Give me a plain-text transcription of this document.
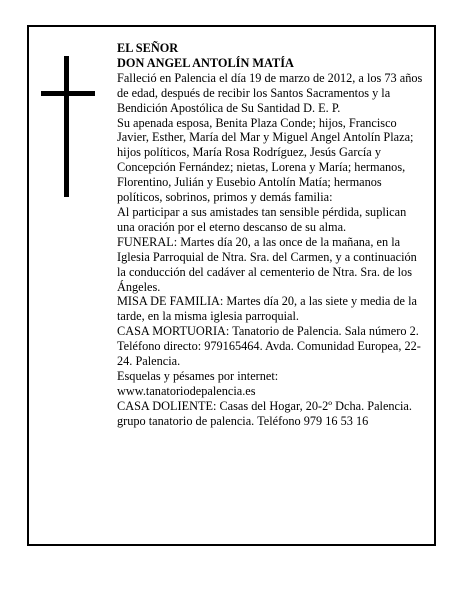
EL SEÑOR

DON ANGEL ANTOLÍN MATÍA

Falleció en Palencia el día 19 de marzo de 2012, a los 73 años de edad, después de recibir los Santos Sacramentos y la Bendición Apostólica de Su Santidad D. E. P.

Su apenada esposa, Benita Plaza Conde; hijos, Francisco Javier, Esther, María del Mar y Miguel Angel Antolín Plaza; hijos políticos, María Rosa Rodríguez, Jesús García y Concepción Fernández; nietas, Lorena y María; hermanos, Florentino, Julián y Eusebio Antolín Matía; hermanos políticos, sobrinos, primos y demás familia:

Al participar a sus amistades tan sensible pérdida, suplican una oración por el eterno descanso de su alma.

FUNERAL: Martes día 20, a las once de la mañana, en la Iglesia Parroquial de Ntra. Sra. del Carmen, y a continuación la conducción del cadáver al cementerio de Ntra. Sra. de los Ángeles.

MISA DE FAMILIA: Martes día 20, a las siete y media de la tarde, en la misma iglesia parroquial.

CASA MORTUORIA: Tanatorio de Palencia. Sala número 2. Teléfono directo: 979165464. Avda. Comunidad Europea, 22-24. Palencia.

Esquelas y pésames por internet:

www.tanatoriodepalencia.es

CASA DOLIENTE: Casas del Hogar, 20-2º Dcha. Palencia.

grupo tanatorio de palencia. Teléfono 979 16 53 16
